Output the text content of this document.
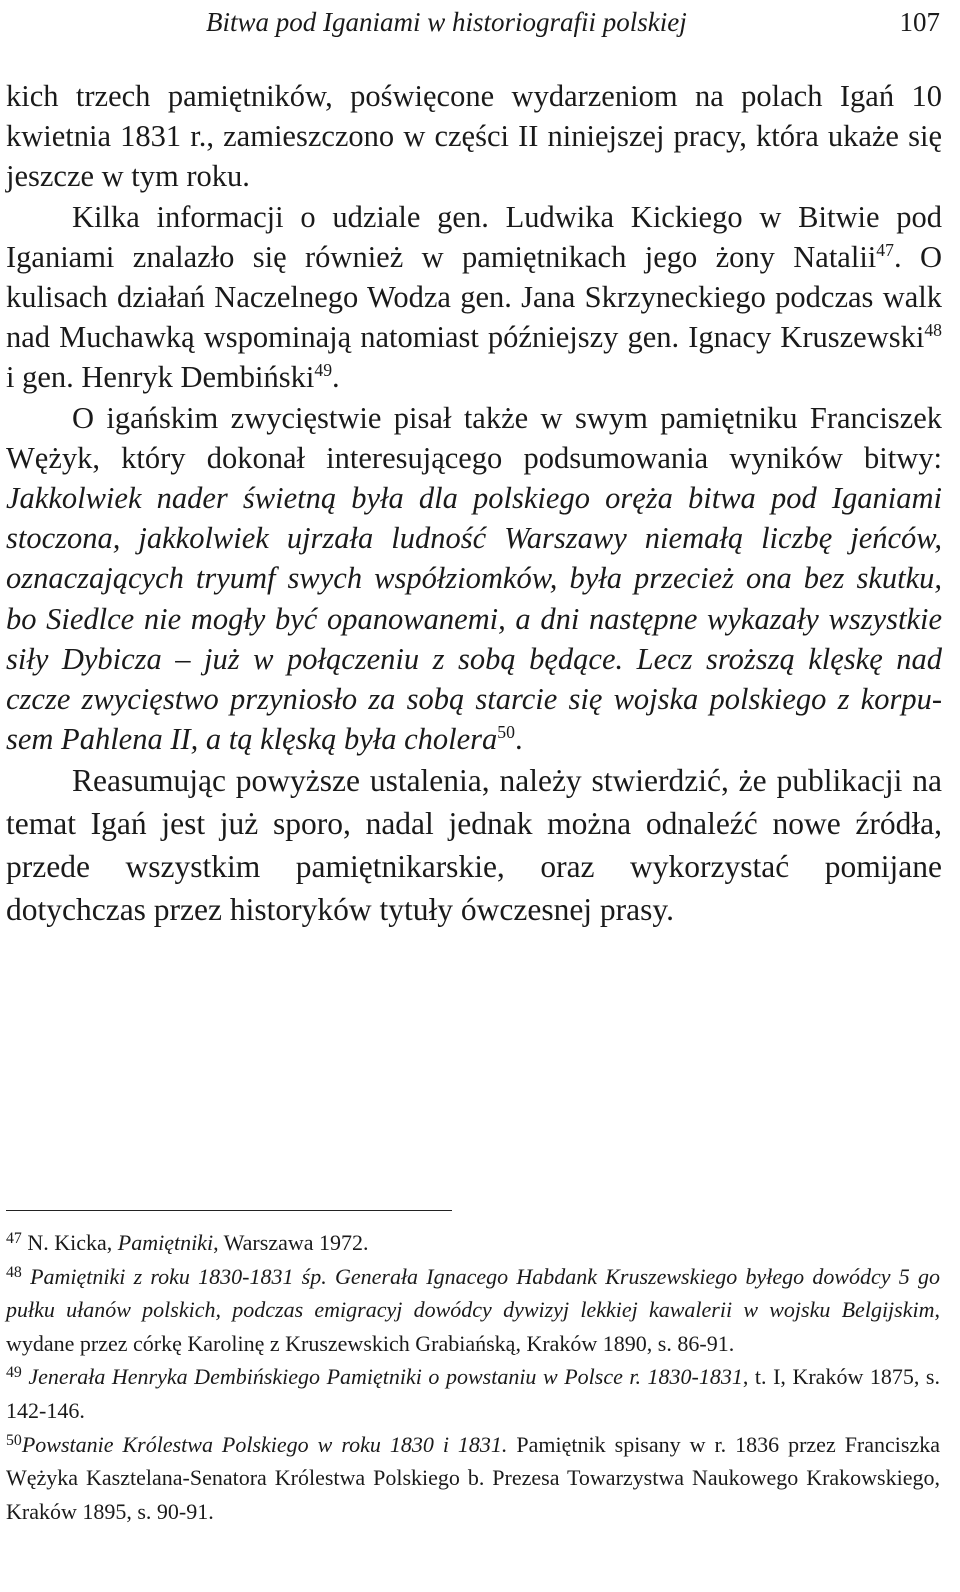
Bitwa pod Iganiami w historiografii polskiej	107

kich trzech pamiętników, poświęcone wydarzeniom na polach Igań 10 kwietnia 1831 r., zamieszczono w części II niniejszej pracy, która ukaże się jeszcze w tym roku.

Kilka informacji o udziale gen. Ludwika Kickiego w Bitwie pod Iganiami znalazło się również w pamiętnikach jego żony Natalii$^{47}$. O kulisach działań Naczelnego Wodza gen. Jana Skrzyneckiego podczas walk nad Muchawką wspominają natomiast późniejszy gen. Ignacy Kruszewski$^{48}$ i gen. Henryk Dembiński$^{49}$.

O igańskim zwycięstwie pisał także w swym pamiętniku Franciszek Wężyk, który dokonał interesującego podsumowania wyników bitwy: Jakkolwiek nader świetną była dla polskiego oręża bitwa pod Iganiami stoczona, jakkolwiek ujrzała ludność Warszawy niemałą liczbę jeńców, oznaczających tryumf swych współziomków, była przecież ona bez skutku, bo Siedlce nie mogły być opanowanemi, a dni następne wykazały wszystkie siły Dybicza – już w połączeniu z sobą będące. Lecz sroższą klęskę nad czcze zwycięstwo przyniosło za sobą starcie się wojska polskiego z korpusem Pahlena II, a tą klęską była cholera$^{50}$.

Reasumując powyższe ustalenia, należy stwierdzić, że publikacji na temat Igań jest już sporo, nadal jednak można odnaleźć nowe źródła, przede wszystkim pamiętnikarskie, oraz wykorzystać pomijane dotychczas przez historyków tytuły ówczesnej prasy.

$^{47}$ N. Kicka, Pamiętniki, Warszawa 1972.

$^{48}$ Pamiętniki z roku 1830-1831 śp. Generała Ignacego Habdank Kruszewskiego byłego dowódcy 5 go pułku ułanów polskich, podczas emigracyj dowódcy dywizyj lekkiej kawalerii w wojsku Belgijskim, wydane przez córkę Karolinę z Kruszewskich Grabiańską, Kraków 1890, s. 86-91.

$^{49}$ Jenerała Henryka Dembińskiego Pamiętniki o powstaniu w Polsce r. 1830-1831, t. I, Kraków 1875, s. 142-146.

$^{50}$Powstanie Królestwa Polskiego w roku 1830 i 1831. Pamiętnik spisany w r. 1836 przez Franciszka Wężyka Kasztelana-Senatora Królestwa Polskiego b. Prezesa Towarzystwa Naukowego Krakowskiego, Kraków 1895, s. 90-91.
